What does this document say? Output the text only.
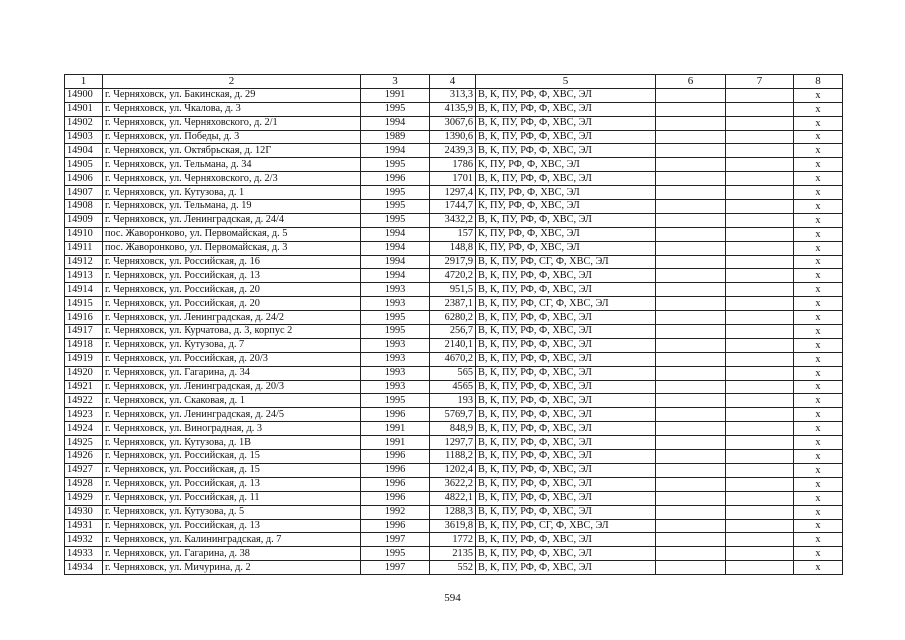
1	2	3	4	5	6	7	8
14900	г. Черняховск, ул. Бакинская, д. 29	1991	313,3	В, К, ПУ, РФ, Ф, ХВС, ЭЛ			x
14901	г. Черняховск, ул. Чкалова, д. 3	1995	4135,9	В, К, ПУ, РФ, Ф, ХВС, ЭЛ			x
14902	г. Черняховск, ул. Черняховского, д. 2/1	1994	3067,6	В, К, ПУ, РФ, Ф, ХВС, ЭЛ			x
14903	г. Черняховск, ул. Победы, д. 3	1989	1390,6	В, К, ПУ, РФ, Ф, ХВС, ЭЛ			x
14904	г. Черняховск, ул. Октябрьская, д. 12Г	1994	2439,3	В, К, ПУ, РФ, Ф, ХВС, ЭЛ			x
14905	г. Черняховск, ул. Тельмана, д. 34	1995	1786	К, ПУ, РФ, Ф, ХВС, ЭЛ			x
14906	г. Черняховск, ул. Черняховского, д. 2/3	1996	1701	В, К, ПУ, РФ, Ф, ХВС, ЭЛ			x
14907	г. Черняховск, ул. Кутузова, д. 1	1995	1297,4	К, ПУ, РФ, Ф, ХВС, ЭЛ			x
14908	г. Черняховск, ул. Тельмана, д. 19	1995	1744,7	К, ПУ, РФ, Ф, ХВС, ЭЛ			x
14909	г. Черняховск, ул. Ленинградская, д. 24/4	1995	3432,2	В, К, ПУ, РФ, Ф, ХВС, ЭЛ			x
14910	пос. Жаворонково, ул. Первомайская, д. 5	1994	157	К, ПУ, РФ, Ф, ХВС, ЭЛ			x
14911	пос. Жаворонково, ул. Первомайская, д. 3	1994	148,8	К, ПУ, РФ, Ф, ХВС, ЭЛ			x
14912	г. Черняховск, ул. Российская, д. 16	1994	2917,9	В, К, ПУ, РФ, СГ, Ф, ХВС, ЭЛ			x
14913	г. Черняховск, ул. Российская, д. 13	1994	4720,2	В, К, ПУ, РФ, Ф, ХВС, ЭЛ			x
14914	г. Черняховск, ул. Российская, д. 20	1993	951,5	В, К, ПУ, РФ, Ф, ХВС, ЭЛ			x
14915	г. Черняховск, ул. Российская, д. 20	1993	2387,1	В, К, ПУ, РФ, СГ, Ф, ХВС, ЭЛ			x
14916	г. Черняховск, ул. Ленинградская, д. 24/2	1995	6280,2	В, К, ПУ, РФ, Ф, ХВС, ЭЛ			x
14917	г. Черняховск, ул. Курчатова, д. 3, корпус 2	1995	256,7	В, К, ПУ, РФ, Ф, ХВС, ЭЛ			x
14918	г. Черняховск, ул. Кутузова, д. 7	1993	2140,1	В, К, ПУ, РФ, Ф, ХВС, ЭЛ			x
14919	г. Черняховск, ул. Российская, д. 20/3	1993	4670,2	В, К, ПУ, РФ, Ф, ХВС, ЭЛ			x
14920	г. Черняховск, ул. Гагарина, д. 34	1993	565	В, К, ПУ, РФ, Ф, ХВС, ЭЛ			x
14921	г. Черняховск, ул. Ленинградская, д. 20/3	1993	4565	В, К, ПУ, РФ, Ф, ХВС, ЭЛ			x
14922	г. Черняховск, ул. Скаковая, д. 1	1995	193	В, К, ПУ, РФ, Ф, ХВС, ЭЛ			x
14923	г. Черняховск, ул. Ленинградская, д. 24/5	1996	5769,7	В, К, ПУ, РФ, Ф, ХВС, ЭЛ			x
14924	г. Черняховск, ул. Виноградная, д. 3	1991	848,9	В, К, ПУ, РФ, Ф, ХВС, ЭЛ			x
14925	г. Черняховск, ул. Кутузова, д. 1В	1991	1297,7	В, К, ПУ, РФ, Ф, ХВС, ЭЛ			x
14926	г. Черняховск, ул. Российская, д. 15	1996	1188,2	В, К, ПУ, РФ, Ф, ХВС, ЭЛ			x
14927	г. Черняховск, ул. Российская, д. 15	1996	1202,4	В, К, ПУ, РФ, Ф, ХВС, ЭЛ			x
14928	г. Черняховск, ул. Российская, д. 13	1996	3622,2	В, К, ПУ, РФ, Ф, ХВС, ЭЛ			x
14929	г. Черняховск, ул. Российская, д. 11	1996	4822,1	В, К, ПУ, РФ, Ф, ХВС, ЭЛ			x
14930	г. Черняховск, ул. Кутузова, д. 5	1992	1288,3	В, К, ПУ, РФ, Ф, ХВС, ЭЛ			x
14931	г. Черняховск, ул. Российская, д. 13	1996	3619,8	В, К, ПУ, РФ, СГ, Ф, ХВС, ЭЛ			x
14932	г. Черняховск, ул. Калининградская, д. 7	1997	1772	В, К, ПУ, РФ, Ф, ХВС, ЭЛ			x
14933	г. Черняховск, ул. Гагарина, д. 38	1995	2135	В, К, ПУ, РФ, Ф, ХВС, ЭЛ			x
14934	г. Черняховск, ул. Мичурина, д. 2	1997	552	В, К, ПУ, РФ, Ф, ХВС, ЭЛ			x
594
